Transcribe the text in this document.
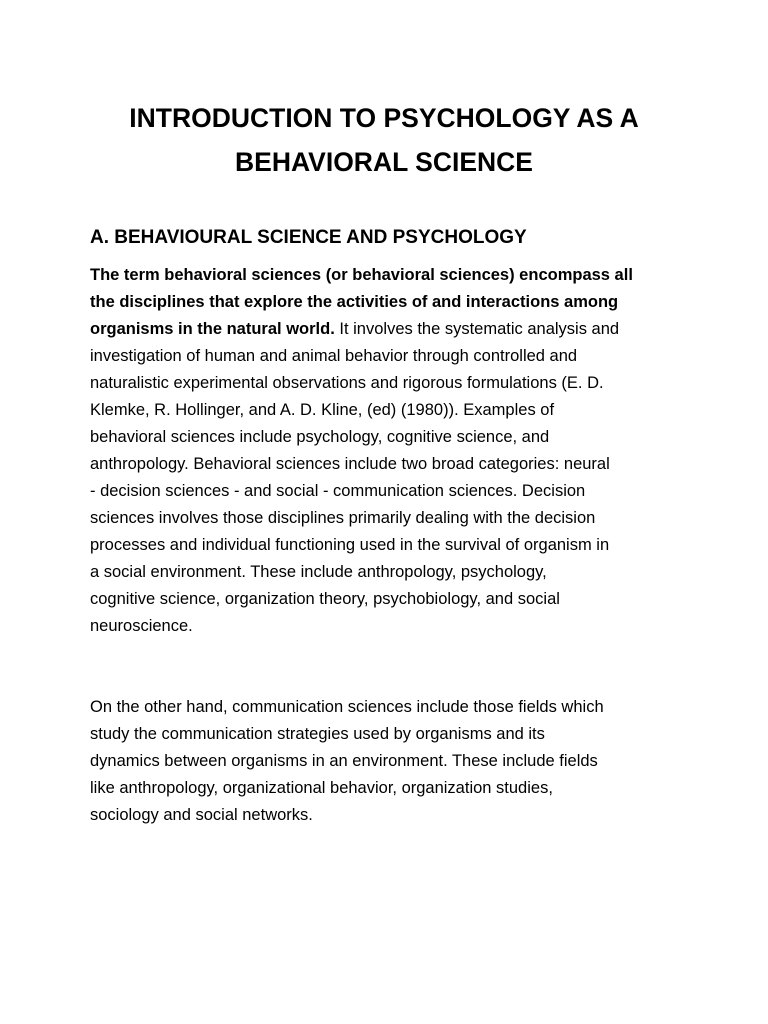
INTRODUCTION TO PSYCHOLOGY AS A
BEHAVIORAL SCIENCE
A. BEHAVIOURAL SCIENCE AND PSYCHOLOGY

The term behavioral sciences (or behavioral sciences) encompass all
the disciplines that explore the activities of and interactions among
organisms in the natural world. It involves the systematic analysis and
investigation of human and animal behavior through controlled and
naturalistic experimental observations and rigorous formulations (E. D.
Klemke, R. Hollinger, and A. D. Kline, (ed) (1980)). Examples of
behavioral sciences include psychology, cognitive science, and
anthropology. Behavioral sciences include two broad categories: neural
- decision sciences - and social - communication sciences. Decision
sciences involves those disciplines primarily dealing with the decision
processes and individual functioning used in the survival of organism in
a social environment. These include anthropology, psychology,
cognitive science, organization theory, psychobiology, and social
neuroscience.

On the other hand, communication sciences include those fields which
study the communication strategies used by organisms and its
dynamics between organisms in an environment. These include fields
like anthropology, organizational behavior, organization studies,
sociology and social networks.
